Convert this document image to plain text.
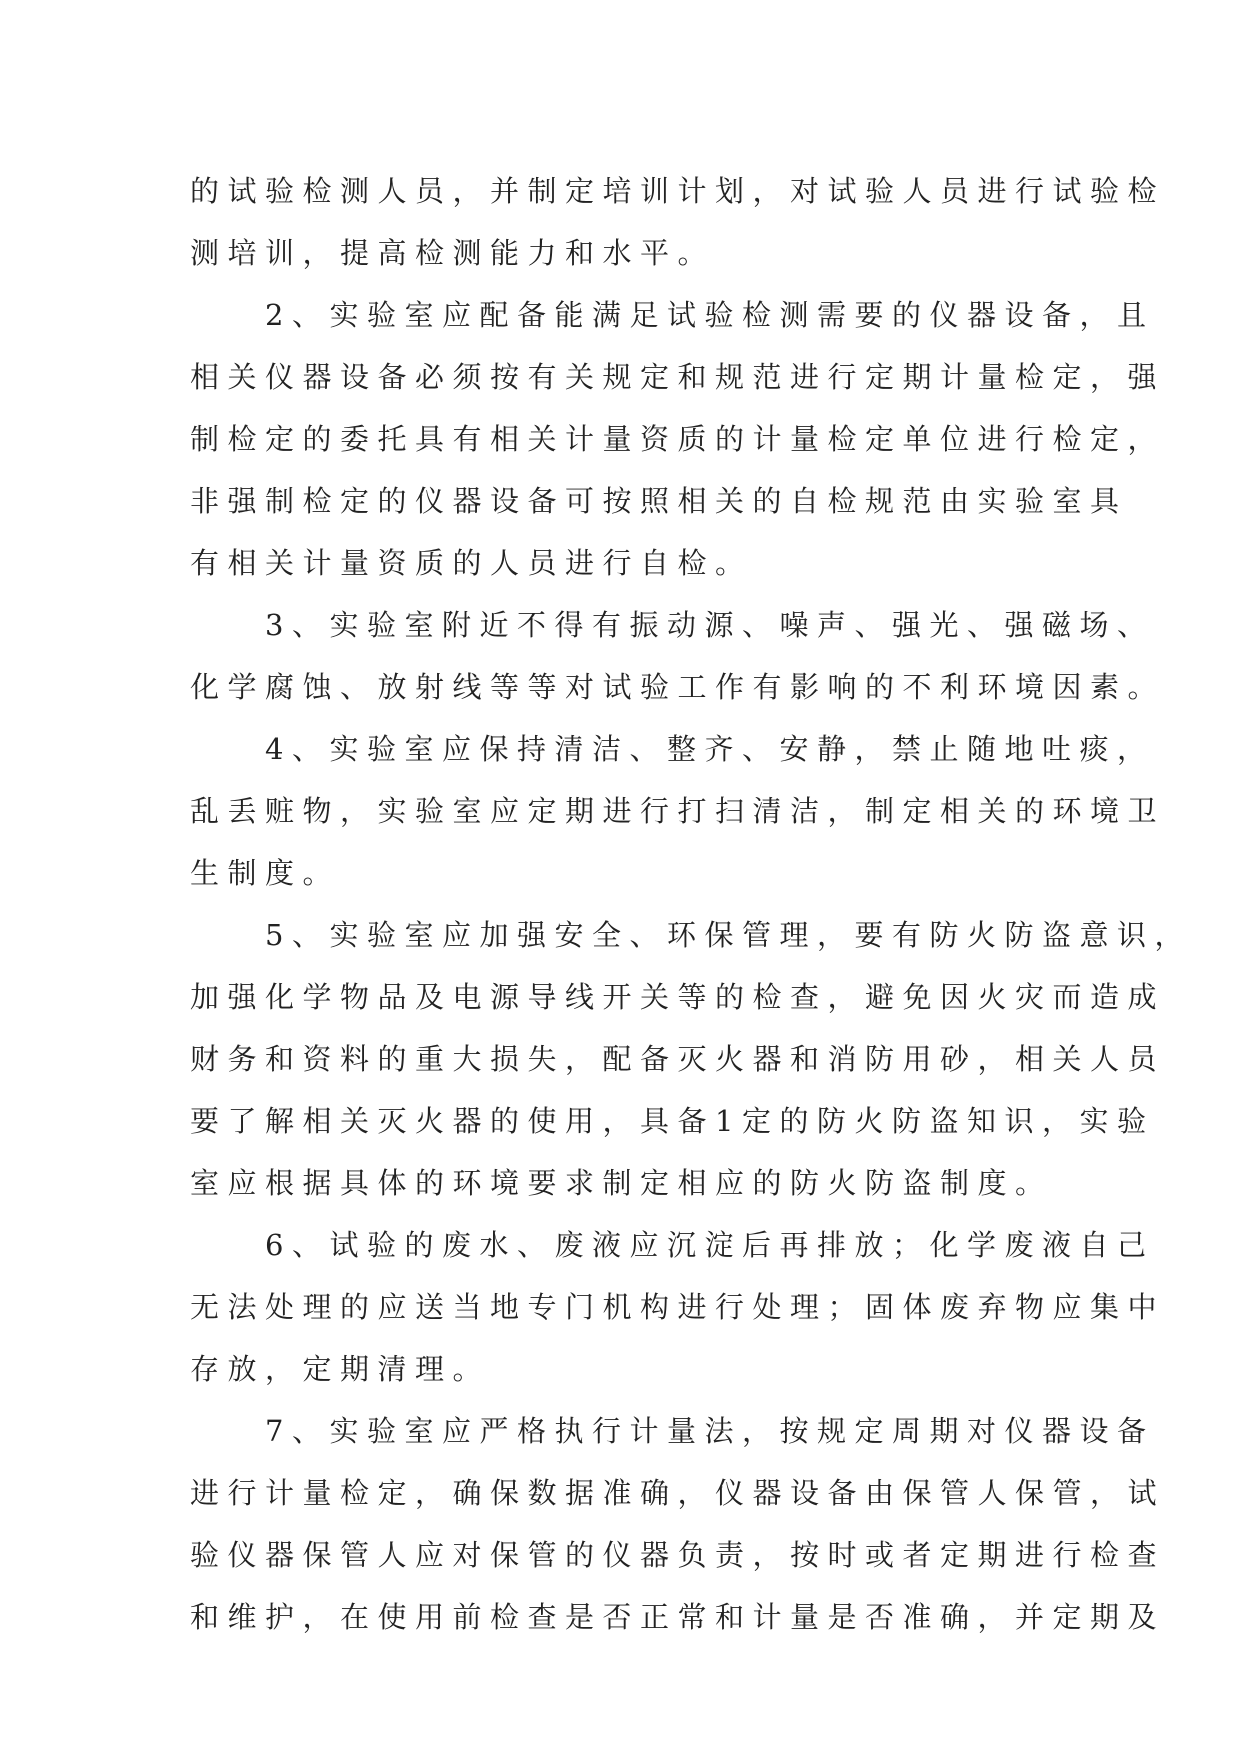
的试验检测人员，并制定培训计划，对试验人员进行试验检
测培训，提高检测能力和水平。
　　2、实验室应配备能满足试验检测需要的仪器设备，且
相关仪器设备必须按有关规定和规范进行定期计量检定，强
制检定的委托具有相关计量资质的计量检定单位进行检定，
非强制检定的仪器设备可按照相关的自检规范由实验室具
有相关计量资质的人员进行自检。
　　3、实验室附近不得有振动源、噪声、强光、强磁场、
化学腐蚀、放射线等等对试验工作有影响的不利环境因素。
　　4、实验室应保持清洁、整齐、安静，禁止随地吐痰，
乱丢赃物，实验室应定期进行打扫清洁，制定相关的环境卫
生制度。
　　5、实验室应加强安全、环保管理，要有防火防盗意识，
加强化学物品及电源导线开关等的检查，避免因火灾而造成
财务和资料的重大损失，配备灭火器和消防用砂，相关人员
要了解相关灭火器的使用，具备1定的防火防盗知识，实验
室应根据具体的环境要求制定相应的防火防盗制度。
　　6、试验的废水、废液应沉淀后再排放；化学废液自己
无法处理的应送当地专门机构进行处理；固体废弃物应集中
存放，定期清理。
　　7、实验室应严格执行计量法，按规定周期对仪器设备
进行计量检定，确保数据准确，仪器设备由保管人保管，试
验仪器保管人应对保管的仪器负责，按时或者定期进行检查
和维护，在使用前检查是否正常和计量是否准确，并定期及
